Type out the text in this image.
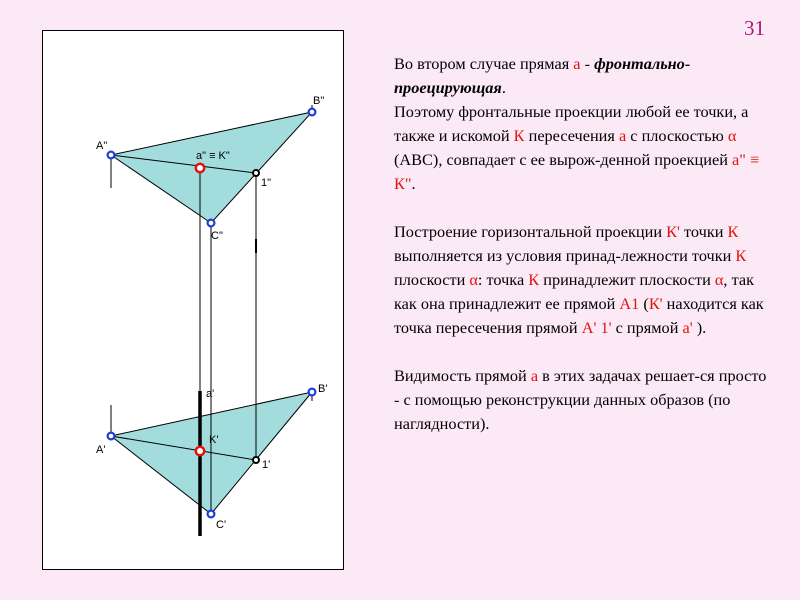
31
A"
B"
C"
1"
a" ≡ K"
A'
B'
C'
1'
a'
K'

Во втором случае прямая а - фронтально-проецирующая.

Поэтому фронтальные проекции любой ее точки, а также и искомой К пересечения а с плоскостью α (АВС), совпадает с ее вырож-денной проекцией а" ≡ К".

Построение горизонтальной проекции К' точки К выполняется из условия принад-лежности точки К плоскости α: точка К принадлежит плоскости α, так как она принадлежит ее прямой А1 (К' находится как точка пересечения прямой А' 1' с прямой а' ).

Видимость прямой а в этих задачах решает-ся просто - с помощью реконструкции данных образов (по наглядности).
